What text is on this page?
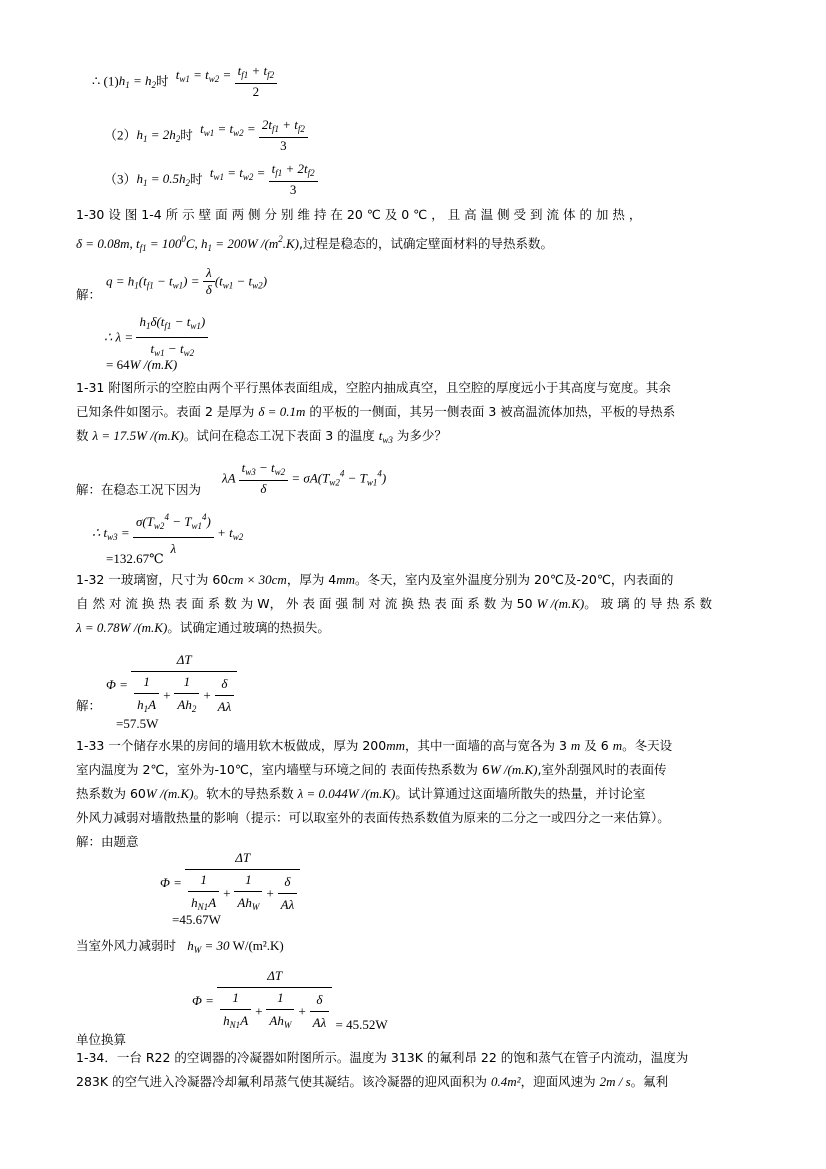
∴ $(1)h_1 = h_2$时 $t_{w1} = t_{w2} = \frac{t_{f1} + t_{f2}}{2}$
$(2)h_1 = 2h_2$时 $t_{w1} = t_{w2} = \frac{2t_{f1} + t_{f2}}{3}$
$(3)h_1 = 0.5h_2$时 $t_{w1} = t_{w2} = \frac{t_{f1} + 2t_{f2}}{3}$
1-30 设 图 1-4 所 示 壁 面 两 侧 分 别 维 持 在 20 ℃ 及 0 ℃ ， 且 高 温 侧 受 到 流 体 的 加 热 ，
δ = 0.08m, $t_{f1} = 100^0C$, $h_1 = 200W$ $/(m^2.K)$,过程是稳态的，试确定壁面材料的导热系数。
解：
$q = h_1(t_{f1} - t_{w1}) = \frac{\lambda}{\delta} (t_{w1} - t_{w2})$
∴ $\lambda = \frac{h_1\delta(t_{f1} - t_{w1})}{t_{w1} - t_{w2}}$
= 64W /(m.K)
1-31 附图所示的空腔由两个平行黑体表面组成，空腔内抽成真空，且空腔的厚度远小于其高度与宽度。其余
已知条件如图示。表面 2 是厚为 δ = 0.1m 的平板的一侧面，其另一侧表面 3 被高温流体加热，平板的导热系
数 λ = 17.5W /(m.K)。试问在稳态工况下表面 3 的温度 $t_{w3}$ 为多少？
解：在稳态工况下因为
λA $\frac{t_{w3} - t_{w2}}{\delta} = \sigma A(T_{w2}^4 - T_{w1}^4)$
∴ $t_{w3} = \frac{\sigma(T_{w2}^4 - T_{w1}^4)}{\lambda} + t_{w2}$
=132.67℃
1-32 一玻璃窗，尺寸为 60cm × 30cm，厚为 4mm。冬天，室内及室外温度分别为 20℃及-20℃，内表面的
自 然 对 流 换 热 表 面 系 数 为 W， 外 表 面 强 制 对 流 换 热 表 面 系 数 为 50 W /(m.K)。 玻 璃 的 导 热 系 数
λ = 0.78W /(m.K)。试确定通过玻璃的热损失。
$\Phi = \frac{\Delta T}{\frac{1}{h_1A} + \frac{1}{Ah_2} + \frac{\delta}{A\lambda}}$
解：
=57.5W
1-33 一个储存水果的房间的墙用软木板做成，厚为 200mm，其中一面墙的高与宽各为 3 m 及 6 m。冬天设
室内温度为 2℃，室外为-10℃，室内墙壁与环境之间的 表面传热系数为 6W /(m.K),室外刮强风时的表面传
热系数为 60W /(m.K)。软木的导热系数 λ = 0.044W /(m.K)。试计算通过这面墙所散失的热量，并讨论室
外风力减弱对墙散热量的影响（提示：可以取室外的表面传热系数值为原来的二分之一或四分之一来估算）。
解：由题意
$\Phi = \frac{\Delta T}{\frac{1}{h_{N1}A} + \frac{1}{Ah_W} + \frac{\delta}{A\lambda}}$
=45.67W
当室外风力减弱时 $h_W = 30$ W/(m².K)
$\Phi = \frac{\Delta T}{\frac{1}{h_{N1}A} + \frac{1}{Ah_W} + \frac{\delta}{A\lambda}} = 45.52W$
单位换算
1-34．一台 R22 的空调器的冷凝器如附图所示。温度为 313K 的氟利昂 22 的饱和蒸气在管子内流动，温度为
283K 的空气进入冷凝器冷却氟利昂蒸气使其凝结。该冷凝器的迎风面积为 0.4m²，迎面风速为 2m / s。氟利
